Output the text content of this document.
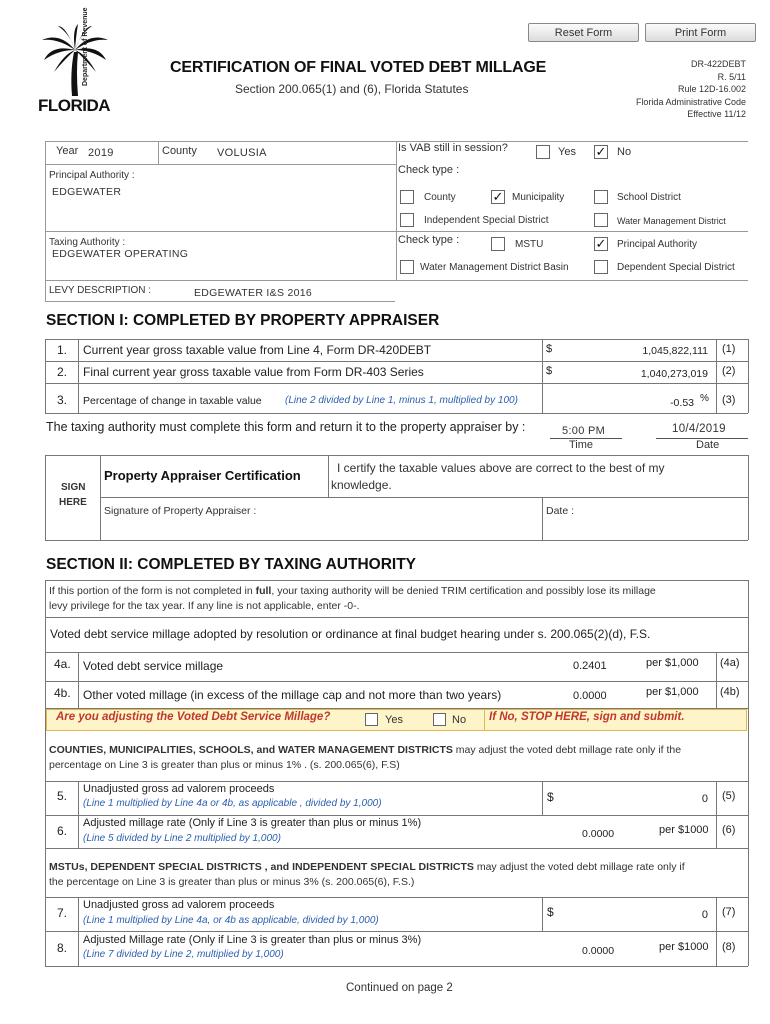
Reset Form	Print Form
FLORIDA
Department of Revenue	CERTIFICATION OF FINAL VOTED DEBT MILLAGE
Section 200.065(1) and (6), Florida Statutes
DR-422DEBT
R. 5/11
Rule 12D-16.002
Florida Administrative Code
Effective 11/12
Year 2019	County VOLUSIA	Is VAB still in session?	Yes ✓ No
Check type :
County	✓ Municipality	School District
Independent Special District	Water Management District
Principal Authority :
EDGEWATER
Taxing Authority :
EDGEWATER OPERATING
Check type :	MSTU	✓ Principal Authority
Water Management District Basin	Dependent Special District
LEVY DESCRIPTION :	EDGEWATER I&S 2016
SECTION I: COMPLETED BY PROPERTY APPRAISER
1. Current year gross taxable value from Line 4, Form DR-420DEBT	$	1,045,822,111 (1)
2. Final current year gross taxable value from Form DR-403 Series	$	1,040,273,019 (2)
3. Percentage of change in taxable value (Line 2 divided by Line 1, minus 1, multiplied by 100)	-0.53 % (3)
The taxing authority must complete this form and return it to the property appraiser by :	5:00 PM
Time
10/4/2019
Date
SIGN
HERE
Property Appraiser Certification	I certify the taxable values above are correct to the best of my
knowledge.
Signature of Property Appraiser :	Date :
SECTION II: COMPLETED BY TAXING AUTHORITY
If this portion of the form is not completed in full, your taxing authority will be denied TRIM certification and possibly lose its millage
levy privilege for the tax year. If any line is not applicable, enter -0-.
Voted debt service millage adopted by resolution or ordinance at final budget hearing under s. 200.065(2)(d), F.S.
4a. Voted debt service millage	0.2401	per $1,000 (4a)
4b. Other voted millage (in excess of the millage cap and not more than two years)	0.0000	per $1,000 (4b)
Are you adjusting the Voted Debt Service Millage?	Yes	No If No, STOP HERE, sign and submit.
COUNTIES, MUNICIPALITIES, SCHOOLS, and WATER MANAGEMENT DISTRICTS may adjust the voted debt millage rate only if the
percentage on Line 3 is greater than plus or minus 1% . (s. 200.065(6), F.S)
5. Unadjusted gross ad valorem proceeds
(Line 1 multiplied by Line 4a or 4b, as applicable , divided by 1,000)	$	0 (5)
6.
Adjusted millage rate (Only if Line 3 is greater than plus or minus 1%)
(Line 5 divided by Line 2 multiplied by 1,000)	0.0000	per $1000 (6)
MSTUs, DEPENDENT SPECIAL DISTRICTS , and INDEPENDENT SPECIAL DISTRICTS may adjust the voted debt millage rate only if
the percentage on Line 3 is greater than plus or minus 3% (s. 200.065(6), F.S.)
7.
Unadjusted gross ad valorem proceeds
(Line 1 multiplied by Line 4a, or 4b as applicable, divided by 1,000)
$	0 (7)
8.
Adjusted Millage rate (Only if Line 3 is greater than plus or minus 3%)
(Line 7 divided by Line 2, multiplied by 1,000)	0.0000	per $1000 (8)
Continued on page 2
